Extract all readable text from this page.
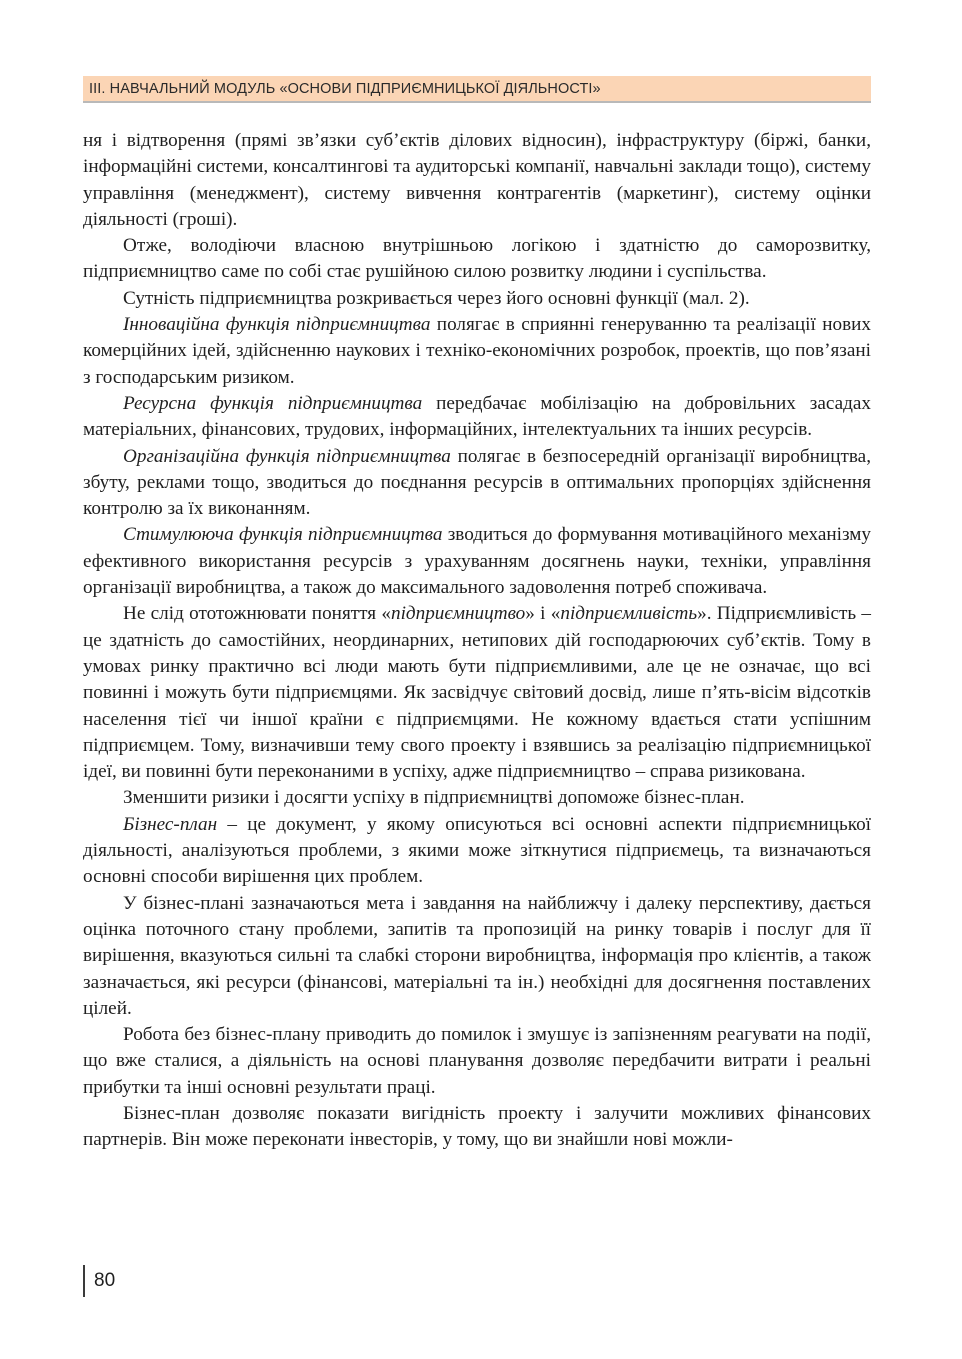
III. НАВЧАЛЬНИЙ МОДУЛЬ «ОСНОВИ ПІДПРИЄМНИЦЬКОЇ ДІЯЛЬНОСТІ»

ня і відтворення (прямі зв’язки суб’єктів ділових відносин), інфраструктуру (біржі, банки, інформаційні системи, консалтингові та аудиторські компанії, навчальні заклади тощо), систему управління (менеджмент), систему вивчення контрагентів (маркетинг), систему оцінки діяльності (гроші).

Отже, володіючи власною внутрішньою логікою і здатністю до саморозвитку, підприємництво саме по собі стає рушійною силою розвитку людини і суспільства.

Сутність підприємництва розкривається через його основні функції (мал. 2).

Інноваційна функція підприємництва полягає в сприянні генеруванню та реалізації нових комерційних ідей, здійсненню наукових і техніко-економічних розробок, проектів, що пов’язані з господарським ризиком.

Ресурсна функція підприємництва передбачає мобілізацію на добровільних засадах матеріальних, фінансових, трудових, інформаційних, інтелектуальних та інших ресурсів.

Організаційна функція підприємництва полягає в безпосередній організації виробництва, збуту, реклами тощо, зводиться до поєднання ресурсів в оптимальних пропорціях здійснення контролю за їх виконанням.

Стимулююча функція підприємництва зводиться до формування мотиваційного механізму ефективного використання ресурсів з урахуванням досягнень науки, техніки, управління організації виробництва, а також до максимального задоволення потреб споживача.

Не слід ототожнювати поняття «підприємництво» і «підприємливість». Підприємливість – це здатність до самостійних, неординарних, нетипових дій господарюючих суб’єктів. Тому в умовах ринку практично всі люди мають бути підприємливими, але це не означає, що всі повинні і можуть бути підприємцями. Як засвідчує світовий досвід, лише п’ять-вісім відсотків населення тієї чи іншої країни є підприємцями. Не кожному вдається стати успішним підприємцем. Тому, визначивши тему свого проекту і взявшись за реалізацію підприємницької ідеї, ви повинні бути переконаними в успіху, адже підприємництво – справа ризикована.

Зменшити ризики і досягти успіху в підприємництві допоможе бізнес-план.

Бізнес-план – це документ, у якому описуються всі основні аспекти підприємницької діяльності, аналізуються проблеми, з якими може зіткнутися підприємець, та визначаються основні способи вирішення цих проблем.

У бізнес-плані зазначаються мета і завдання на найближчу і далеку перспективу, дається оцінка поточного стану проблеми, запитів та пропозицій на ринку товарів і послуг для її вирішення, вказуються сильні та слабкі сторони виробництва, інформація про клієнтів, а також зазначається, які ресурси (фінансові, матеріальні та ін.) необхідні для досягнення поставлених цілей.

Робота без бізнес-плану приводить до помилок і змушує із запізненням реагувати на події, що вже сталися, а діяльність на основі планування дозволяє передбачити витрати і реальні прибутки та інші основні результати праці.

Бізнес-план дозволяє показати вигідність проекту і залучити можливих фінансових партнерів. Він може переконати інвесторів, у тому, що ви знайшли нові можли-

80
